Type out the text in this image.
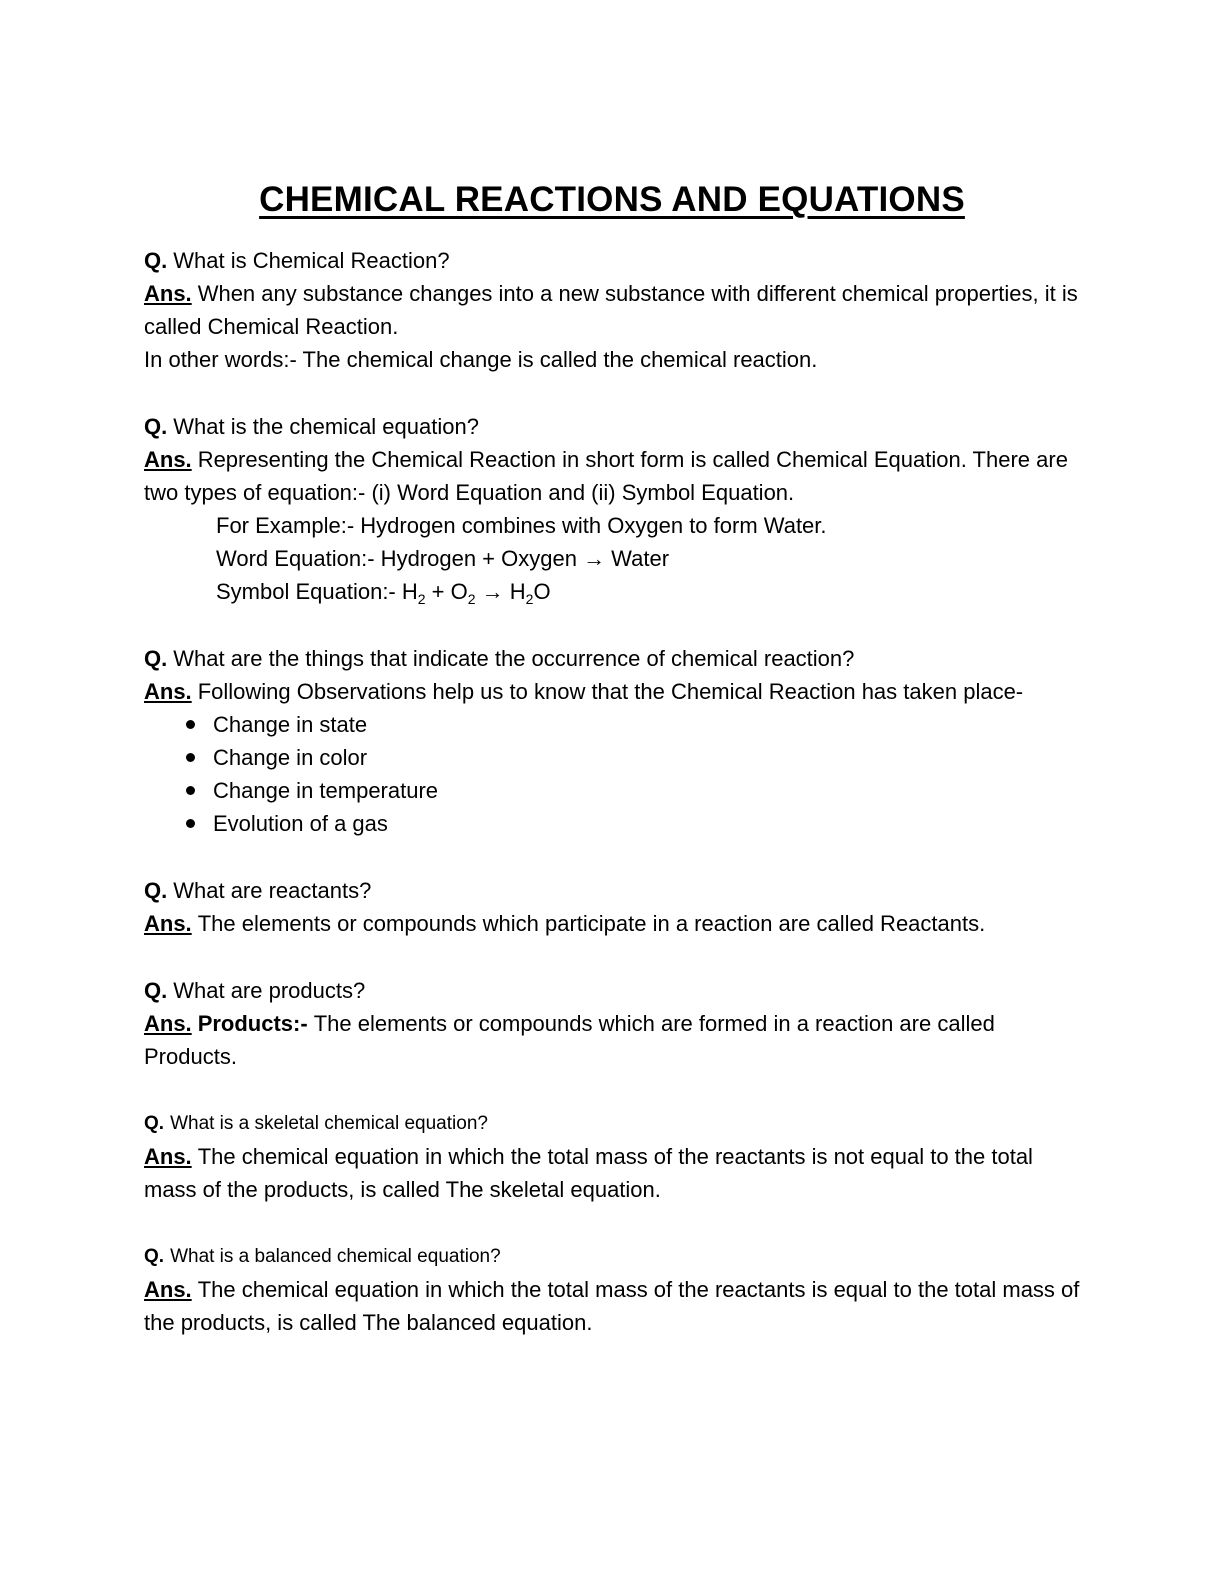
CHEMICAL REACTIONS AND EQUATIONS

Q. What is Chemical Reaction?

Ans. When any substance changes into a new substance with different chemical properties, it is called Chemical Reaction.

In other words:- The chemical change is called the chemical reaction.

Q. What is the chemical equation?

Ans. Representing the Chemical Reaction in short form is called Chemical Equation. There are two types of equation:- (i) Word Equation and (ii) Symbol Equation.

For Example:- Hydrogen combines with Oxygen to form Water.

Word Equation:- Hydrogen + Oxygen → Water

Symbol Equation:- $H_2 + O_2 \to H_2O$

Q. What are the things that indicate the occurrence of chemical reaction?

Ans. Following Observations help us to know that the Chemical Reaction has taken place-

Change in state
Change in color
Change in temperature
Evolution of a gas

Q. What are reactants?

Ans. The elements or compounds which participate in a reaction are called Reactants.

Q. What are products?

Ans. Products:- The elements or compounds which are formed in a reaction are called Products.

Q. What is a skeletal chemical equation?

Ans. The chemical equation in which the total mass of the reactants is not equal to the total mass of the products, is called The skeletal equation.

Q. What is a balanced chemical equation?

Ans. The chemical equation in which the total mass of the reactants is equal to the total mass of the products, is called The balanced equation.
